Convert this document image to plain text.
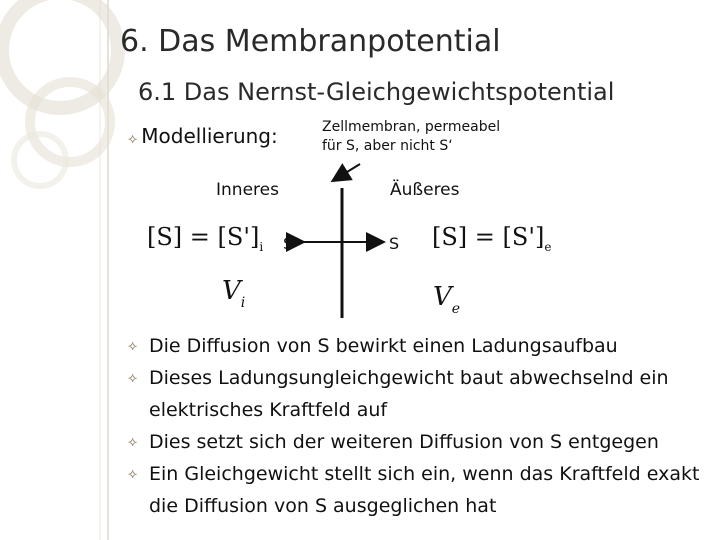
6. Das Membranpotential
6.1 Das Nernst-Gleichgewichtspotential
⟡ Modellierung:	Zellmembran, permeabel
für S, aber nicht S‘
Inneres	Äußeres
S	S
$[S] = [S']_i$	$[S] = [S']_e$
$V_i$	$V_e$
⟡ Die Diffusion von S bewirkt einen Ladungsaufbau
⟡ Dieses Ladungsungleichgewicht baut abwechselnd ein elektrisches Kraftfeld auf
⟡ Dies setzt sich der weiteren Diffusion von S entgegen
⟡ Ein Gleichgewicht stellt sich ein, wenn das Kraftfeld exakt die Diffusion von S ausgeglichen hat
